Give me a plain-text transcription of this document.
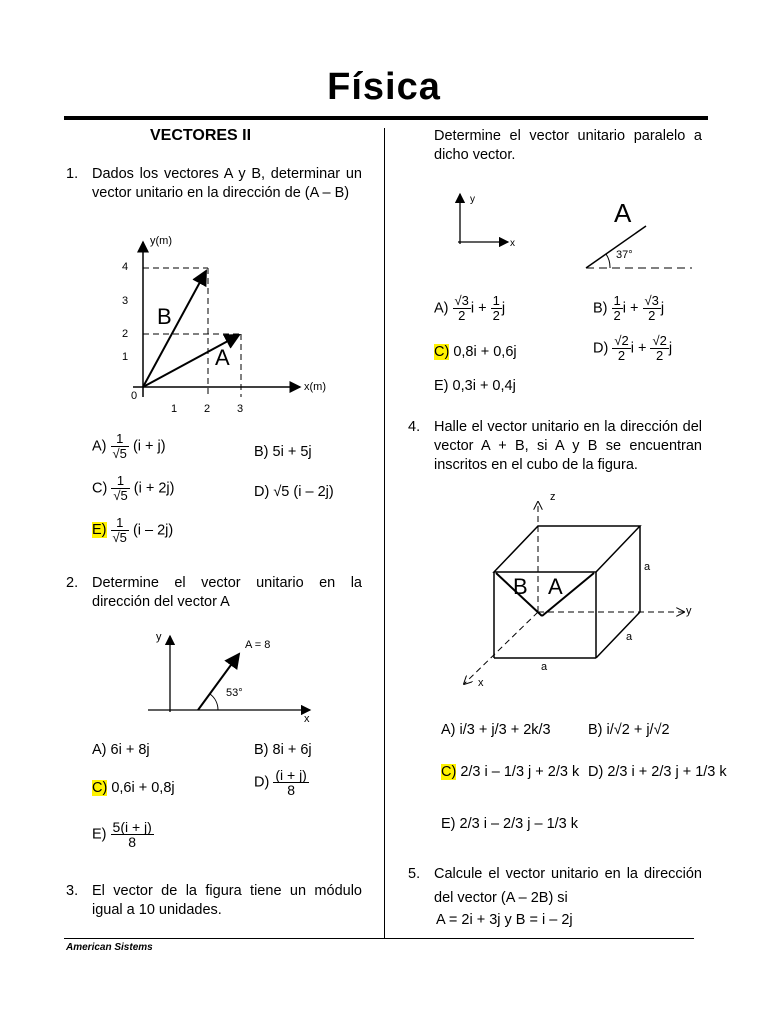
Física
American Sistems
VECTORES II
1. Dados los vectores A y B, determinar un vector unitario en la dirección de (A – B)
y(m)
x(m)
1
2
3
4
0
1 2 3
B
A
$A) \frac{1}{√5} (i + j)$	B) 5i + 5j
$C) \frac{1}{√5} (i + 2j)$	D) √5 (i – 2j)
$E) \frac{1}{√5} (i - 2j)$
2. Determine el vector unitario en la dirección del vector A
y
x
A = 8
53°
A) 6i + 8j	B) 8i + 6j
C) 0,6i + 0,8j	$D) \frac{(i + j)}{8}$
$E) \frac{5(i + j)}{8}$
3. El vector de la figura tiene un módulo igual a 10 unidades.
Determine el vector unitario paralelo a dicho vector.
y
x
A
37°
$A) \frac{√3}{2}$ $i + \frac{1}{2}$ j	$B) \frac{1}{2}$ $i + \frac{√3}{2}$ j
C) 0,8i + 0,6j	$D) \frac{√2}{2}$ $i + \frac{√2}{2}$ j
E) 0,3i + 0,4j
4. Halle el vector unitario en la dirección del vector A + B, si A y B se encuentran inscritos en el cubo de la figura.
z
y
x
a
a
a
B A
A) i/3 + j/3 + 2k/3	B) i/√2 + j/√2
C) 2/3 i – 1/3 j + 2/3 k D) 2/3 i + 2/3 j + 1/3 k
E) 2/3 i – 2/3 j – 1/3 k
5. Calcule el vector unitario en la dirección del vector (A – 2B) si
A = 2i + 3j y B = i – 2j
